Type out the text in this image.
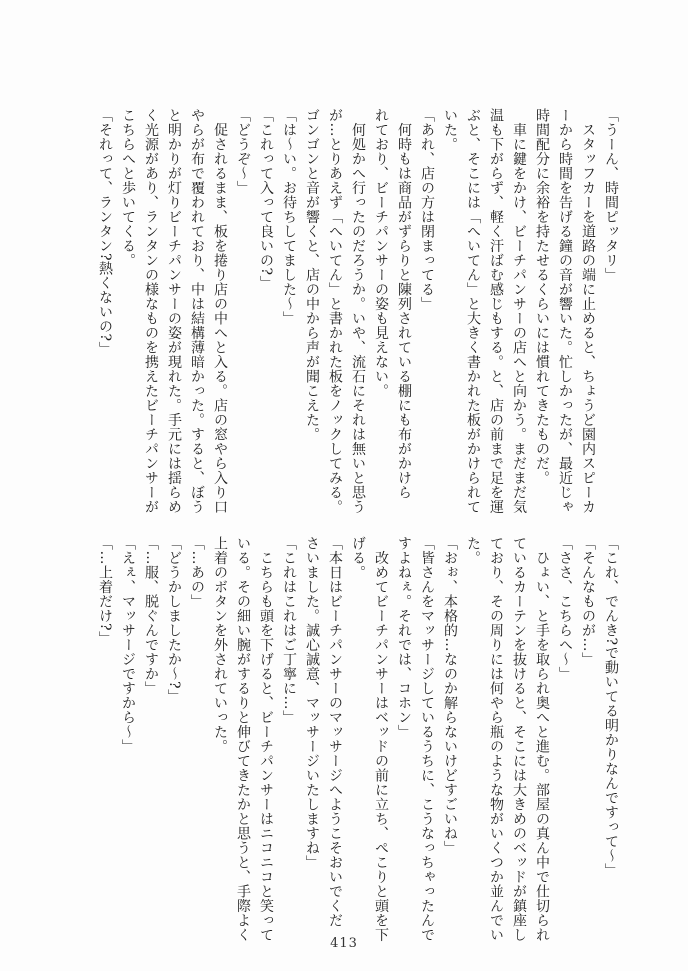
「うーん、時間ピッタリ」
　スタッフカーを道路の端に止めると、ちょうど園内スピーカ
ーから時間を告げる鐘の音が響いた。忙しかったが、最近じゃ
時間配分に余裕を持たせるくらいには慣れてきたものだ。
　車に鍵をかけ、ビーチパンサーの店へと向かう。まだまだ気
温も下がらず、軽く汗ばむ感じもする。と、店の前まで足を運
ぶと、そこには「へいてん」と大きく書かれた板がかけられて
いた。
「あれ、店の方は閉まってる」
　何時もは商品がずらりと陳列されている棚にも布がかけら
れており、ビーチパンサーの姿も見えない。
　何処かへ行ったのだろうか。いや、流石にそれは無いと思う
が…とりあえず「へいてん」と書かれた板をノックしてみる。
ゴンゴンと音が響くと、店の中から声が聞こえた。
「は〜い。お待ちしてました〜」
「これって入って良いの?」
「どうぞ〜」
　促されるまま、板を捲り店の中へと入る。店の窓やら入り口
やらが布で覆われており、中は結構薄暗かった。すると、ぼう
と明かりが灯りビーチパンサーの姿が現れた。手元には揺らめ
く光源があり、ランタンの様なものを携えたビーチパンサーが
こちらへと歩いてくる。
「それって、ランタン?熱くないの?」
「これ、でんき?で動いてる明かりなんですって〜」
「そんなものが…」
「ささ、こちらへ〜」
　ひょい、と手を取られ奥へと進む。部屋の真ん中で仕切られ
ているカーテンを抜けると、そこには大きめのベッドが鎮座し
ており、その周りには何やら瓶のような物がいくつか並んでい
た。
「おぉ、本格的…なのか解らないけどすごいね」
「皆さんをマッサージしているうちに、こうなっちゃったんで
すよねぇ。それでは、コホン」
　改めてビーチパンサーはベッドの前に立ち、ぺこりと頭を下
げる。
「本日はビーチパンサーのマッサージへようこそおいでくだ
さいました。誠心誠意、マッサージいたしますね」
「これはこれはご丁寧に…」
　こちらも頭を下げると、ビーチパンサーはニコニコと笑って
いる。その細い腕がするりと伸びてきたかと思うと、手際よく
上着のボタンを外されていった。
「…あの」
「どうかしましたか〜?」
「…服、脱ぐんですか」
「えぇ、マッサージですから〜」
「…上着だけ?」
413
